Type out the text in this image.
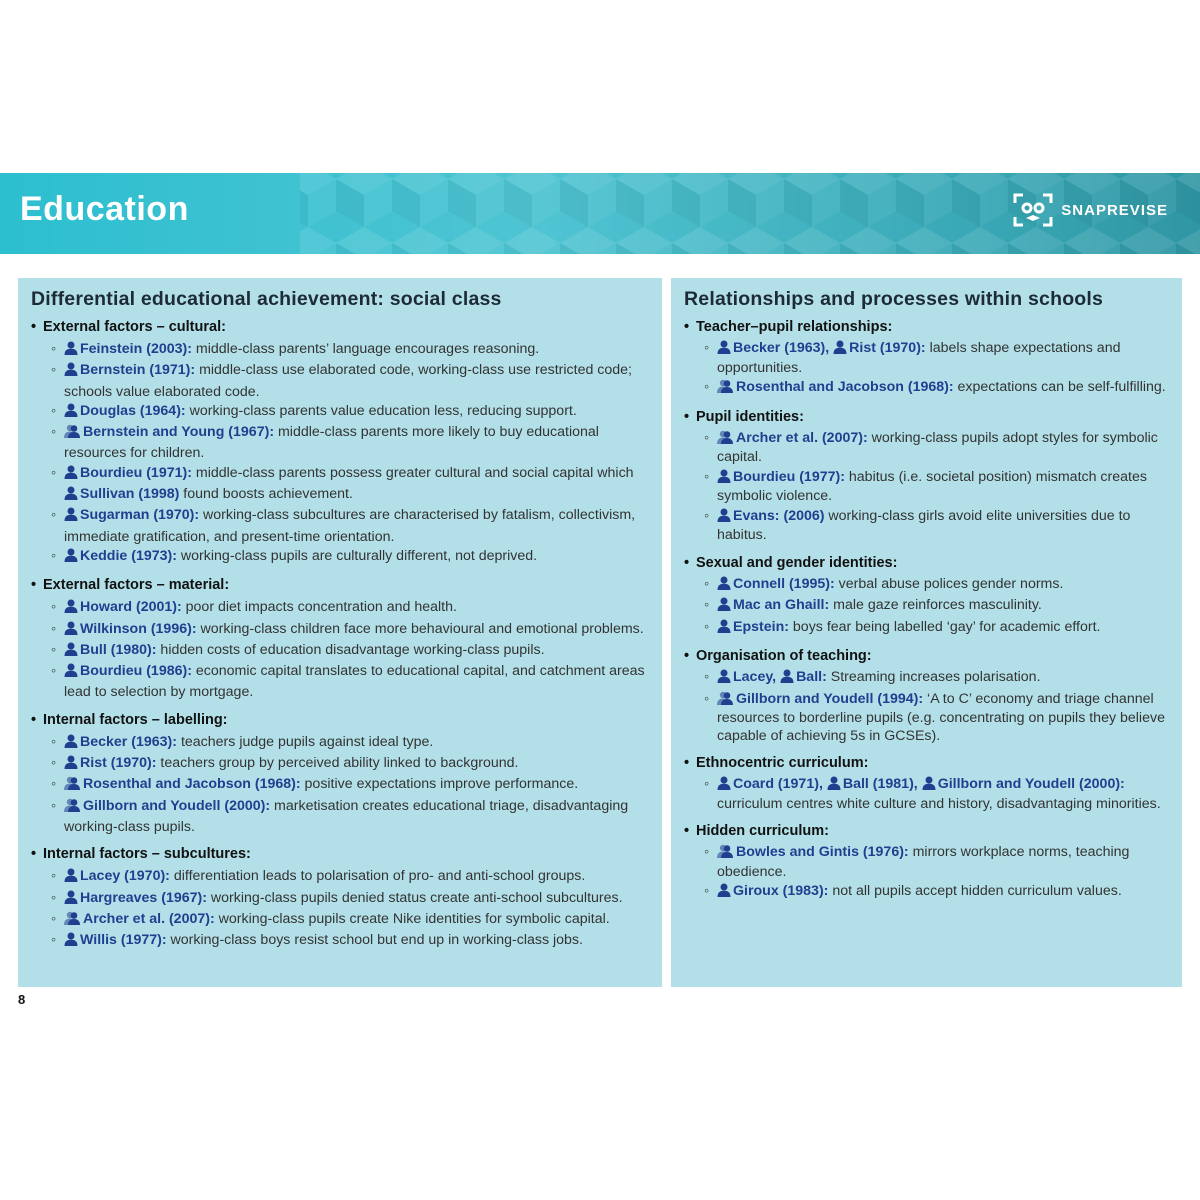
Education	SNAPREVISE
Differential educational achievement: social class
• External factors – cultural:
◦ Feinstein (2003): middle-class parents’ language encourages reasoning.
◦ Bernstein (1971): middle-class use elaborated code, working-class use restricted code; schools value elaborated code.
◦ Douglas (1964): working-class parents value education less, reducing support.
◦ Bernstein and Young (1967): middle-class parents more likely to buy educational resources for children.
◦ Bourdieu (1971): middle-class parents possess greater cultural and social capital which Sullivan (1998) found boosts achievement.
◦ Sugarman (1970): working-class subcultures are characterised by fatalism, collectivism, immediate gratification, and present-time orientation.
◦ Keddie (1973): working-class pupils are culturally different, not deprived.
• External factors – material:
◦ Howard (2001): poor diet impacts concentration and health.
◦ Wilkinson (1996): working-class children face more behavioural and emotional problems.
◦ Bull (1980): hidden costs of education disadvantage working-class pupils.
◦ Bourdieu (1986): economic capital translates to educational capital, and catchment areas lead to selection by mortgage.
• Internal factors – labelling:
◦ Becker (1963): teachers judge pupils against ideal type.
◦ Rist (1970): teachers group by perceived ability linked to background.
◦ Rosenthal and Jacobson (1968): positive expectations improve performance.
◦ Gillborn and Youdell (2000): marketisation creates educational triage, disadvantaging working-class pupils.
• Internal factors – subcultures:
◦ Lacey (1970): differentiation leads to polarisation of pro- and anti-school groups.
◦ Hargreaves (1967): working-class pupils denied status create anti-school subcultures.
◦ Archer et al. (2007): working-class pupils create Nike identities for symbolic capital.
◦ Willis (1977): working-class boys resist school but end up in working-class jobs.
Relationships and processes within schools
• Teacher–pupil relationships:
◦ Becker (1963), Rist (1970): labels shape expectations and opportunities.
◦ Rosenthal and Jacobson (1968): expectations can be self-fulfilling.
• Pupil identities:
◦ Archer et al. (2007): working-class pupils adopt styles for symbolic capital.
◦ Bourdieu (1977): habitus (i.e. societal position) mismatch creates symbolic violence.
◦ Evans: (2006) working-class girls avoid elite universities due to habitus.
• Sexual and gender identities:
◦ Connell (1995): verbal abuse polices gender norms.
◦ Mac an Ghaill: male gaze reinforces masculinity.
◦ Epstein: boys fear being labelled ‘gay’ for academic effort.
• Organisation of teaching:
◦ Lacey, Ball: Streaming increases polarisation.
◦ Gillborn and Youdell (1994): ‘A to C’ economy and triage channel resources to borderline pupils (e.g. concentrating on pupils they believe capable of achieving 5s in GCSEs).
• Ethnocentric curriculum:
◦ Coard (1971), Ball (1981), Gillborn and Youdell (2000): curriculum centres white culture and history, disadvantaging minorities.
• Hidden curriculum:
◦ Bowles and Gintis (1976): mirrors workplace norms, teaching obedience.
◦ Giroux (1983): not all pupils accept hidden curriculum values.
8
